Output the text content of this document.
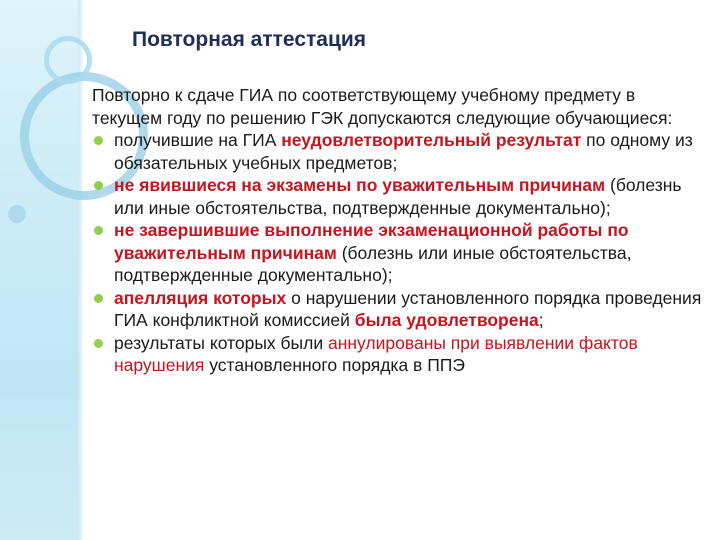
Повторная аттестация

Повторно к сдаче ГИА по соответствующему учебному предмету в текущем году по решению ГЭК допускаются следующие обучающиеся:

получившие на ГИА неудовлетворительный результат по одному из обязательных учебных предметов;
не явившиеся на экзамены по уважительным причинам (болезнь или иные обстоятельства, подтвержденные документально);
не завершившие выполнение экзаменационной работы по уважительным причинам (болезнь или иные обстоятельства, подтвержденные документально);
апелляция которых о нарушении установленного порядка проведения ГИА конфликтной комиссией была удовлетворена;
результаты которых были аннулированы при выявлении фактов нарушения установленного порядка в ППЭ
